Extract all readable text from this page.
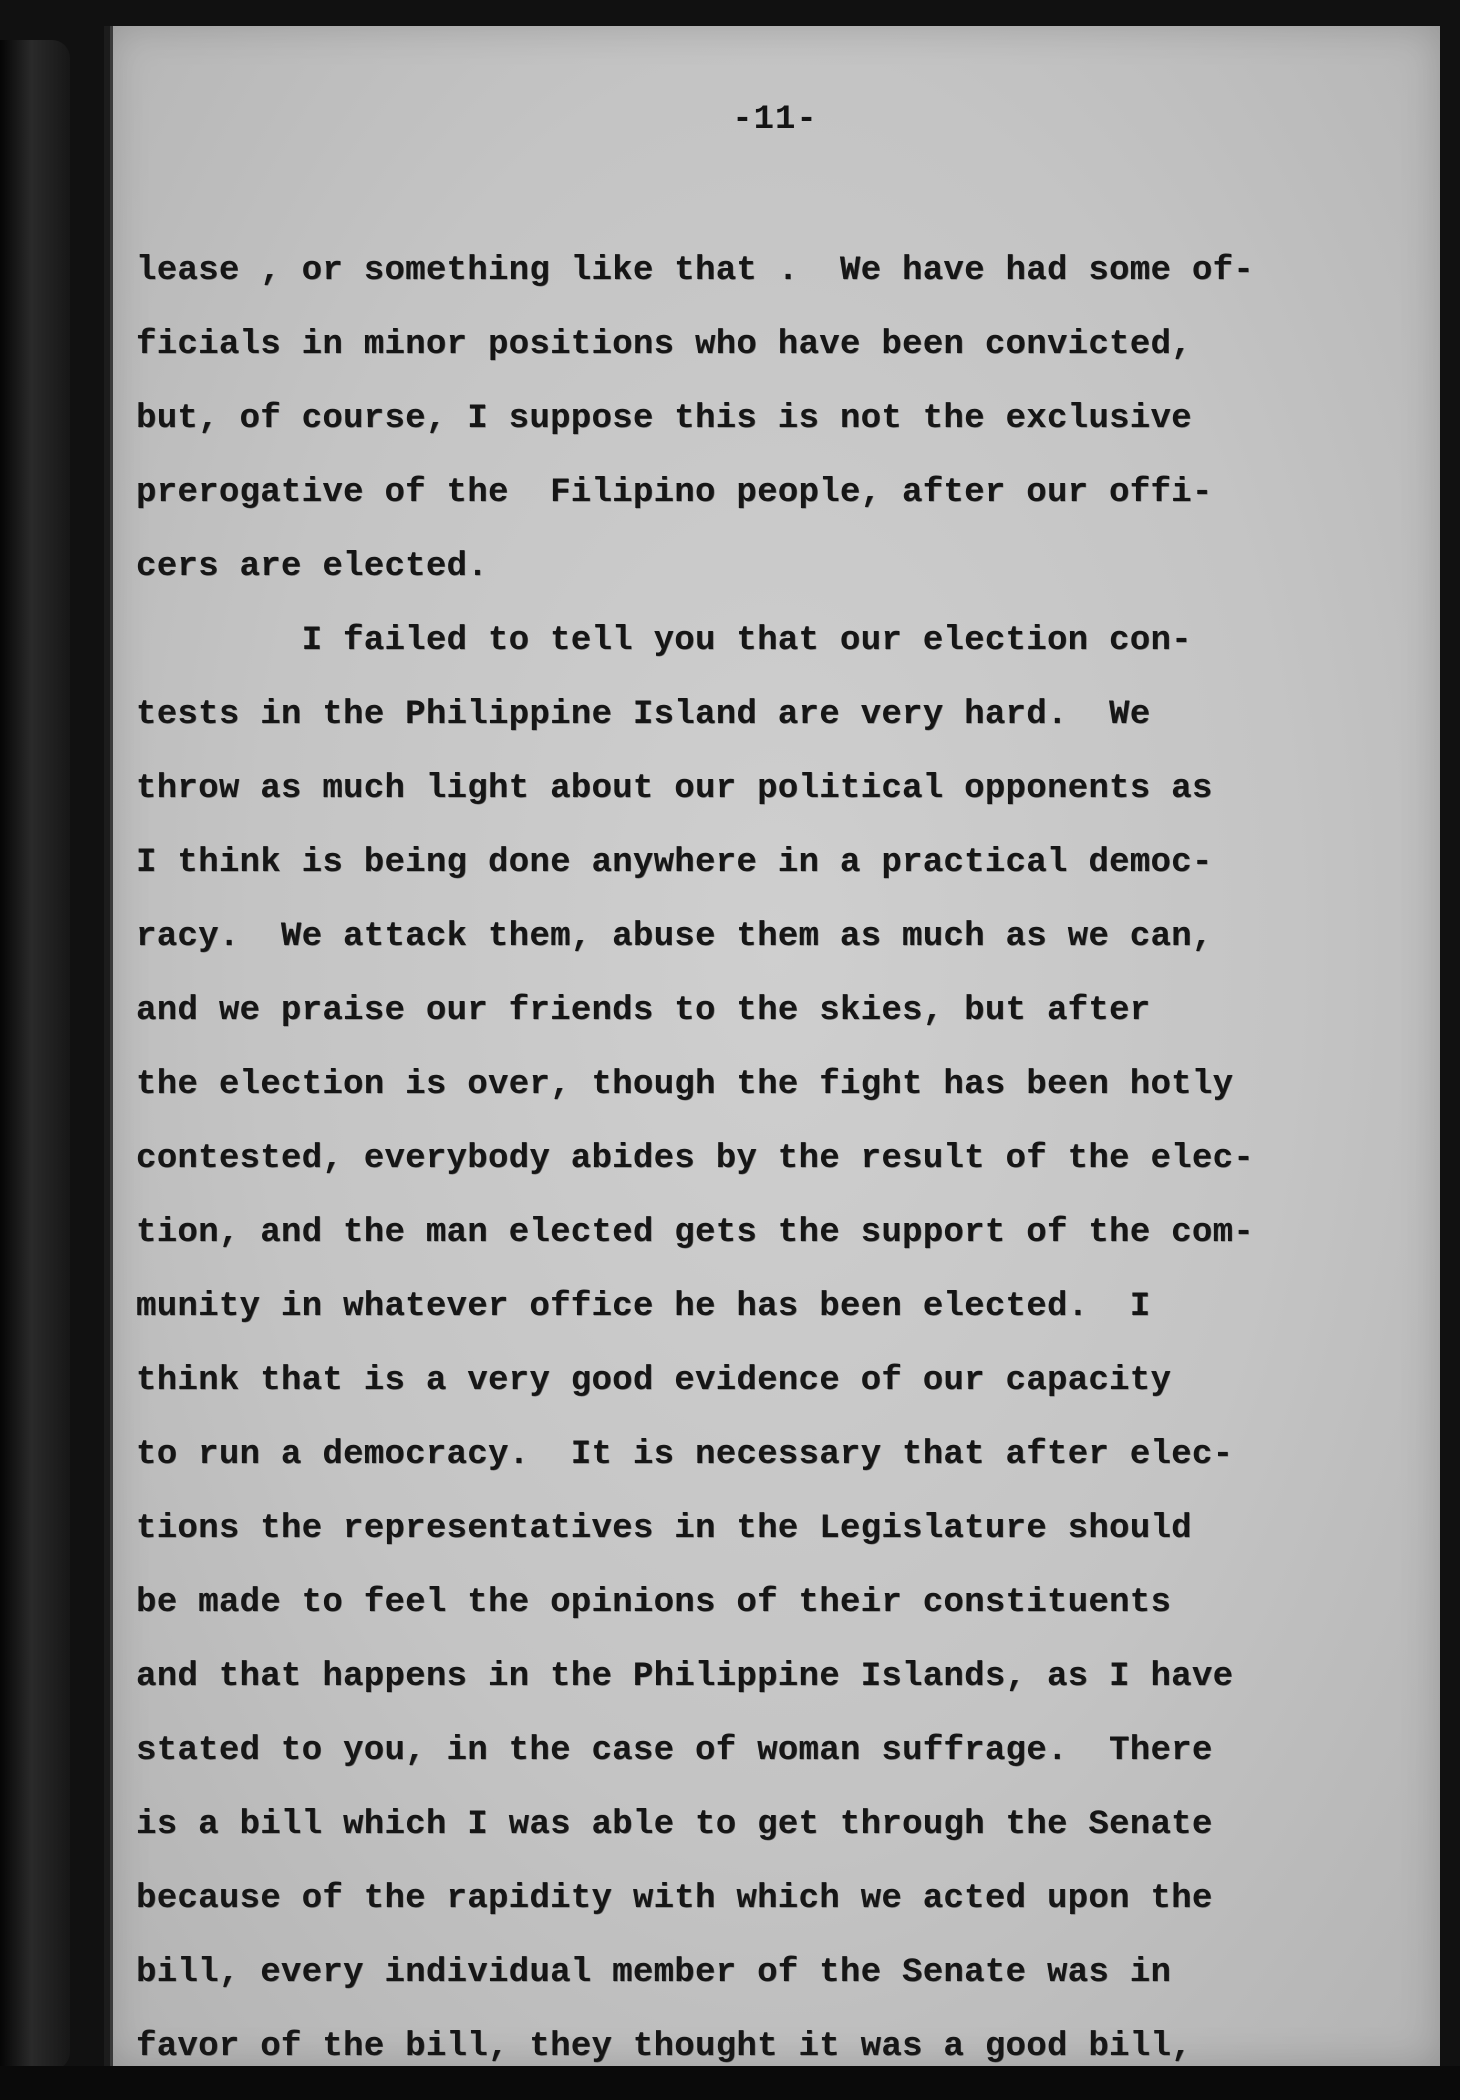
-11-
lease , or something like that .  We have had some of-
ficials in minor positions who have been convicted,
but, of course, I suppose this is not the exclusive
prerogative of the  Filipino people, after our offi-
cers are elected.
I failed to tell you that our election con-
tests in the Philippine Island are very hard.  We
throw as much light about our political opponents as
I think is being done anywhere in a practical democ-
racy.  We attack them, abuse them as much as we can,
and we praise our friends to the skies, but after
the election is over, though the fight has been hotly
contested, everybody abides by the result of the elec-
tion, and the man elected gets the support of the com-
munity in whatever office he has been elected.  I
think that is a very good evidence of our capacity
to run a democracy.  It is necessary that after elec-
tions the representatives in the Legislature should
be made to feel the opinions of their constituents
and that happens in the Philippine Islands, as I have
stated to you, in the case of woman suffrage.  There
is a bill which I was able to get through the Senate
because of the rapidity with which we acted upon the
bill, every individual member of the Senate was in
favor of the bill, they thought it was a good bill,
